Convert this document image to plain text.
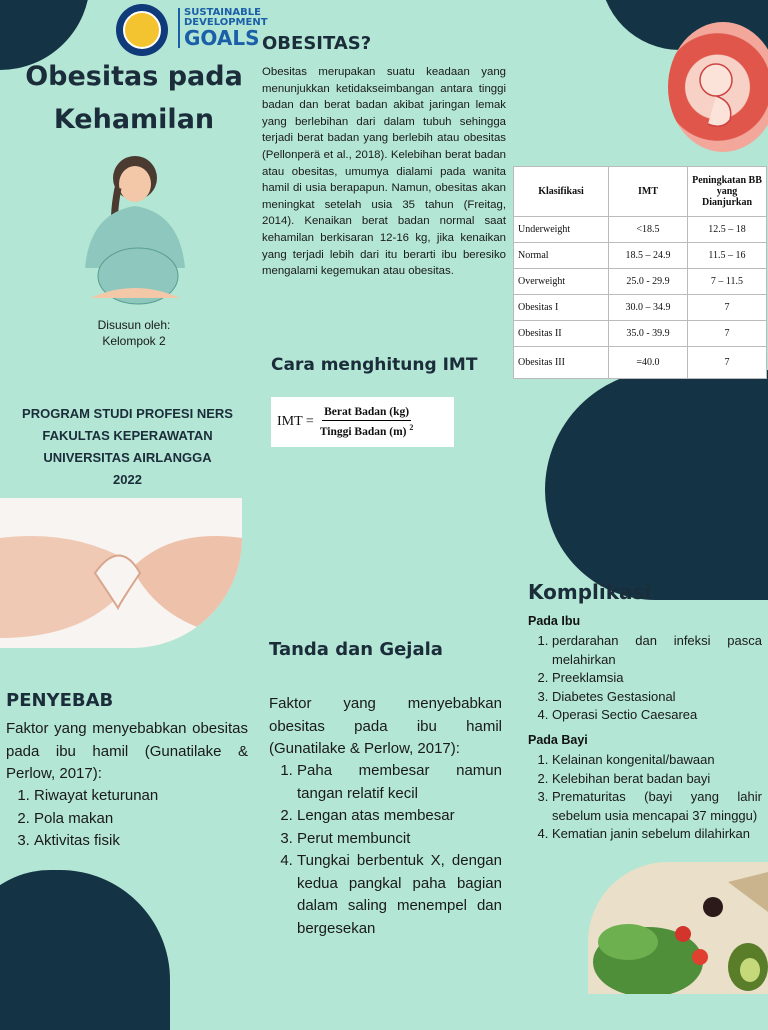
SUSTAINABLE
DEVELOPMENT
GOALS
Obesitas pada
Kehamilan
Disusun oleh:
Kelompok 2
PROGRAM STUDI PROFESI NERS
FAKULTAS KEPERAWATAN
UNIVERSITAS AIRLANGGA
2022
OBESITAS?
Obesitas merupakan suatu keadaan yang menunjukkan ketidakseimbangan antara tinggi badan dan berat badan akibat jaringan lemak yang berlebihan dari dalam tubuh sehingga terjadi berat badan yang berlebih atau obesitas (Pellonperä et al., 2018). Kelebihan berat badan atau obesitas, umumya dialami pada wanita hamil di usia berapapun. Namun, obesitas akan meningkat setelah usia 35 tahun (Freitag, 2014). Kenaikan berat badan normal saat kehamilan berkisaran 12-16 kg, jika kenaikan yang terjadi lebih dari itu berarti ibu beresiko mengalami kegemukan atau obesitas.
Klasifikasi	IMT	Peningkatan BB yang Dianjurkan
Underweight	<18.5	12.5 – 18
Normal	18.5 – 24.9	11.5 – 16
Overweight	25.0 - 29.9	7 – 11.5
Obesitas I	30.0 – 34.9	7
Obesitas II	35.0 - 39.9	7
Obesitas III	=40.0	7
Cara menghitung IMT
IMT =
Berat Badan (kg)
Tinggi Badan (m) $^2$
PENYEBAB
Faktor yang menyebabkan obesitas pada ibu hamil (Gunatilake & Perlow, 2017):
1. Riwayat keturunan
2. Pola makan
3. Aktivitas fisik
Tanda dan Gejala
Faktor yang menyebabkan obesitas pada ibu hamil (Gunatilake & Perlow, 2017):
1. Paha membesar namun tangan relatif kecil
2. Lengan atas membesar
3. Perut membuncit
4. Tungkai berbentuk X, dengan kedua pangkal paha bagian dalam saling menempel dan bergesekan
Komplikasi
Pada Ibu
1. perdarahan dan infeksi pasca melahirkan
2. Preeklamsia
3. Diabetes Gestasional
4. Operasi Sectio Caesarea
Pada Bayi
1. Kelainan kongenital/bawaan
2. Kelebihan berat badan bayi
3. Prematuritas (bayi yang lahir sebelum usia mencapai 37 minggu)
4. Kematian janin sebelum dilahirkan
